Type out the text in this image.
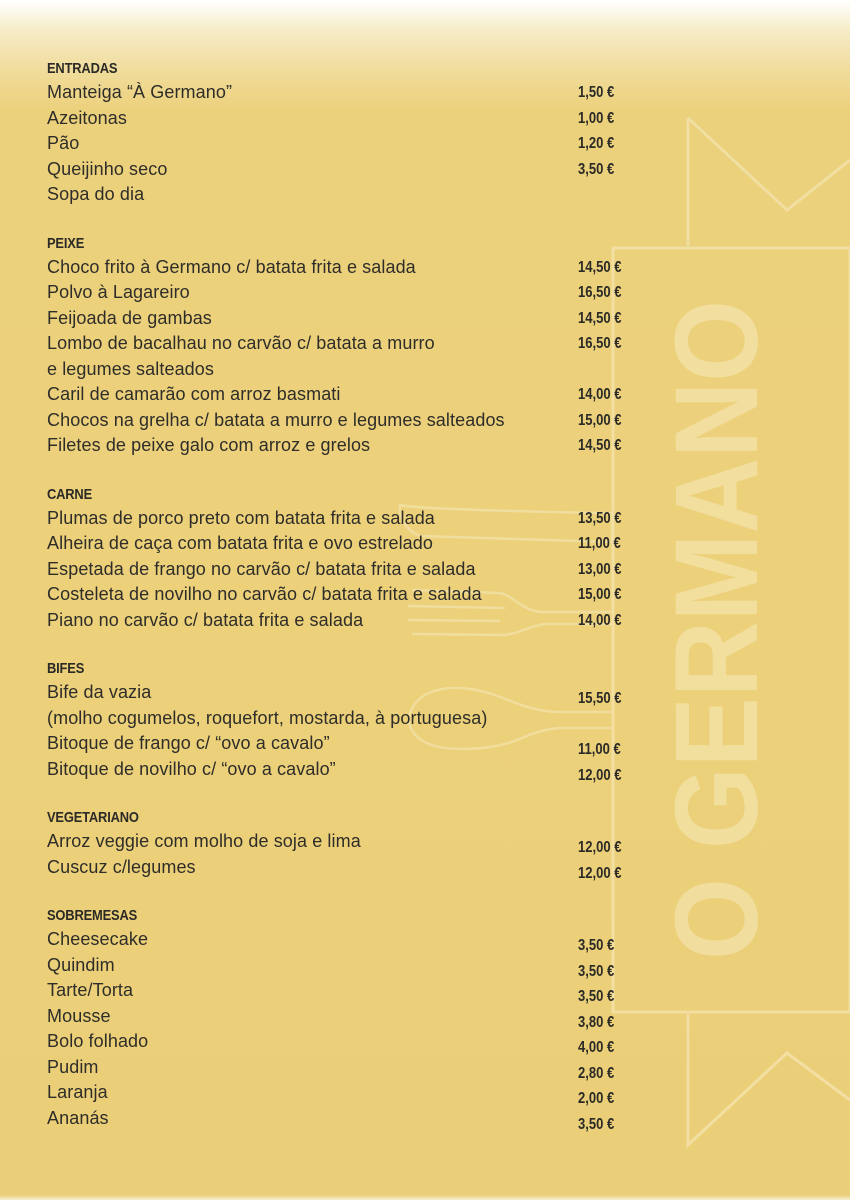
O GERMANO
ENTRADAS
Manteiga “À Germano”	1,50 €
Azeitonas	1,00 €
Pão	1,20 €
Queijinho seco	3,50 €
Sopa do dia
PEIXE
Choco frito à Germano c/ batata frita e salada	14,50 €
Polvo à Lagareiro	16,50 €
Feijoada de gambas	14,50 €
Lombo de bacalhau no carvão c/ batata a murro	16,50 €
e legumes salteados
Caril de camarão com arroz basmati	14,00 €
Chocos na grelha c/ batata a murro e legumes salteados	15,00 €
Filetes de peixe galo com arroz e grelos	14,50 €
CARNE
Plumas de porco preto com batata frita e salada	13,50 €
Alheira de caça com batata frita e ovo estrelado	11,00 €
Espetada de frango no carvão c/ batata frita e salada	13,00 €
Costeleta de novilho no carvão c/ batata frita e salada	15,00 €
Piano no carvão c/ batata frita e salada	14,00 €
BIFES
Bife da vazia	15,50 €
(molho cogumelos, roquefort, mostarda, à portuguesa)
Bitoque de frango c/ “ovo a cavalo”	11,00 €
Bitoque de novilho c/ “ovo a cavalo”	12,00 €
VEGETARIANO
Arroz veggie com molho de soja e lima	12,00 €
Cuscuz c/legumes	12,00 €
SOBREMESAS
Cheesecake	3,50 €
Quindim	3,50 €
Tarte/Torta	3,50 €
Mousse	3,80 €
Bolo folhado	4,00 €
Pudim	2,80 €
Laranja	2,00 €
Ananás	3,50 €
